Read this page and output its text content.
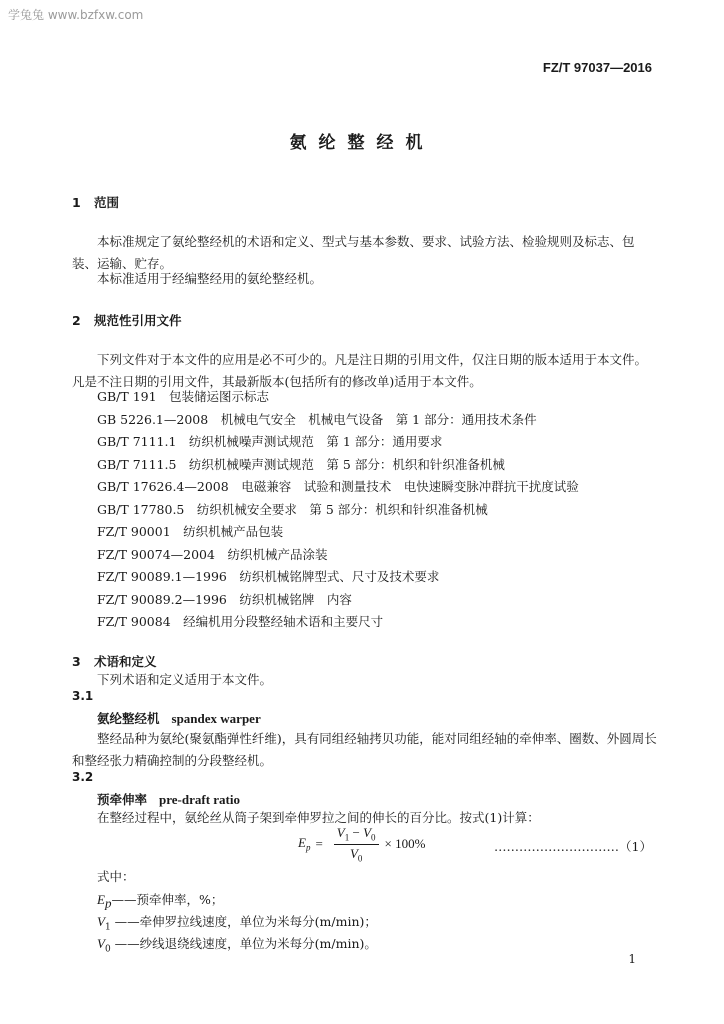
学兔兔 www.bzfxw.com
FZ/T 97037—2016
氨纶整经机
1 范围
本标准规定了氨纶整经机的术语和定义、型式与基本参数、要求、试验方法、检验规则及标志、包装、运输、贮存。
本标准适用于经编整经用的氨纶整经机。
2 规范性引用文件
下列文件对于本文件的应用是必不可少的。凡是注日期的引用文件，仅注日期的版本适用于本文件。凡是不注日期的引用文件，其最新版本(包括所有的修改单)适用于本文件。
GB/T 191　包装储运图示标志
GB 5226.1—2008　机械电气安全　机械电气设备　第 1 部分：通用技术条件
GB/T 7111.1　纺织机械噪声测试规范　第 1 部分：通用要求
GB/T 7111.5　纺织机械噪声测试规范　第 5 部分：机织和针织准备机械
GB/T 17626.4—2008　电磁兼容　试验和测量技术　电快速瞬变脉冲群抗干扰度试验
GB/T 17780.5　纺织机械安全要求　第 5 部分：机织和针织准备机械
FZ/T 90001　纺织机械产品包装
FZ/T 90074—2004　纺织机械产品涂装
FZ/T 90089.1—1996　纺织机械铭牌型式、尺寸及技术要求
FZ/T 90089.2—1996　纺织机械铭牌　内容
FZ/T 90084　经编机用分段整经轴术语和主要尺寸
3 术语和定义
下列术语和定义适用于本文件。
3.1
氨纶整经机 spandex warper
整经品种为氨纶(聚氨酯弹性纤维)，具有同组经轴拷贝功能，能对同组经轴的牵伸率、圈数、外圆周长和整经张力精确控制的分段整经机。
3.2
预牵伸率 pre-draft ratio
在整经过程中，氨纶丝从筒子架到牵伸罗拉之间的伸长的百分比。按式(1)计算：
$E_p = \frac{V_1 - V_0}{V_0} \times 100\%$	…………………………（1）
式中：
$E_p——$预牵伸率，%；
$V_1$ ——牵伸罗拉线速度，单位为米每分(m/min)；
$V_0$ ——纱线退绕线速度，单位为米每分(m/min)。
1
